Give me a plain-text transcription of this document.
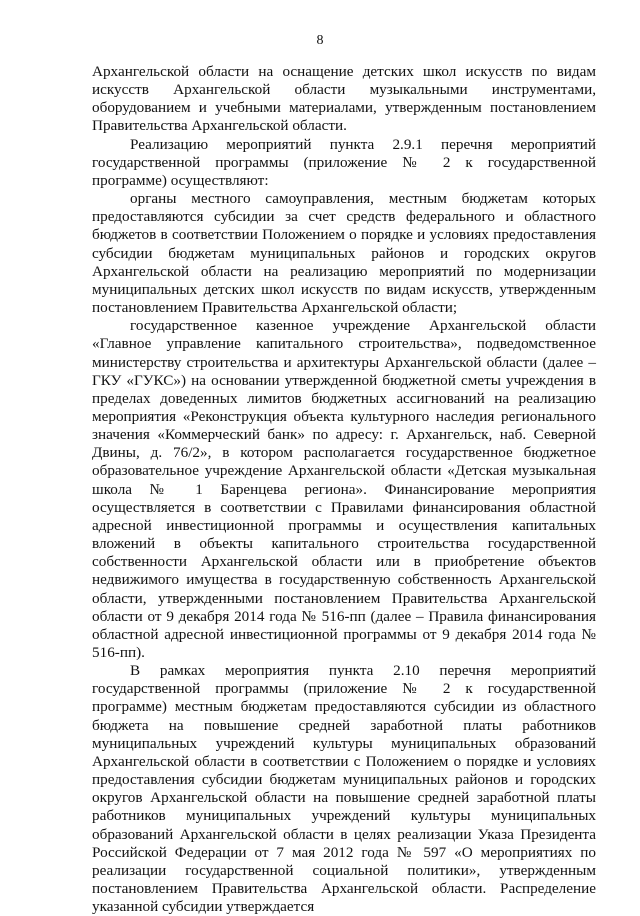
8

Архангельской области на оснащение детских школ искусств по видам искусств Архангельской области музыкальными инструментами, оборудованием и учебными материалами, утвержденным постановлением Правительства Архангельской области.

Реализацию мероприятий пункта 2.9.1 перечня мероприятий государственной программы (приложение № 2 к государственной программе) осуществляют:

органы местного самоуправления, местным бюджетам которых предоставляются субсидии за счет средств федерального и областного бюджетов в соответствии Положением о порядке и условиях предоставления субсидии бюджетам муниципальных районов и городских округов Архангельской области на реализацию мероприятий по модернизации муниципальных детских школ искусств по видам искусств, утвержденным постановлением Правительства Архангельской области;

государственное казенное учреждение Архангельской области «Главное управление капитального строительства», подведомственное министерству строительства и архитектуры Архангельской области (далее – ГКУ «ГУКС») на основании утвержденной бюджетной сметы учреждения в пределах доведенных лимитов бюджетных ассигнований на реализацию мероприятия «Реконструкция объекта культурного наследия регионального значения «Коммерческий банк» по адресу: г. Архангельск, наб. Северной Двины, д. 76/2», в котором располагается государственное бюджетное образовательное учреждение Архангельской области «Детская музыкальная школа № 1 Баренцева региона». Финансирование мероприятия осуществляется в соответствии с Правилами финансирования областной адресной инвестиционной программы и осуществления капитальных вложений в объекты капитального строительства государственной собственности Архангельской области или в приобретение объектов недвижимого имущества в государственную собственность Архангельской области, утвержденными постановлением Правительства Архангельской области от 9 декабря 2014 года № 516-пп (далее – Правила финансирования областной адресной инвестиционной программы от 9 декабря 2014 года № 516-пп).

В рамках мероприятия пункта 2.10 перечня мероприятий государственной программы (приложение № 2 к государственной программе) местным бюджетам предоставляются субсидии из областного бюджета на повышение средней заработной платы работников муниципальных учреждений культуры муниципальных образований Архангельской области в соответствии с Положением о порядке и условиях предоставления субсидии бюджетам муниципальных районов и городских округов Архангельской области на повышение средней заработной платы работников муниципальных учреждений культуры муниципальных образований Архангельской области в целях реализации Указа Президента Российской Федерации от 7 мая 2012 года № 597 «О мероприятиях по реализации государственной социальной политики», утвержденным постановлением Правительства Архангельской области. Распределение указанной субсидии утверждается
